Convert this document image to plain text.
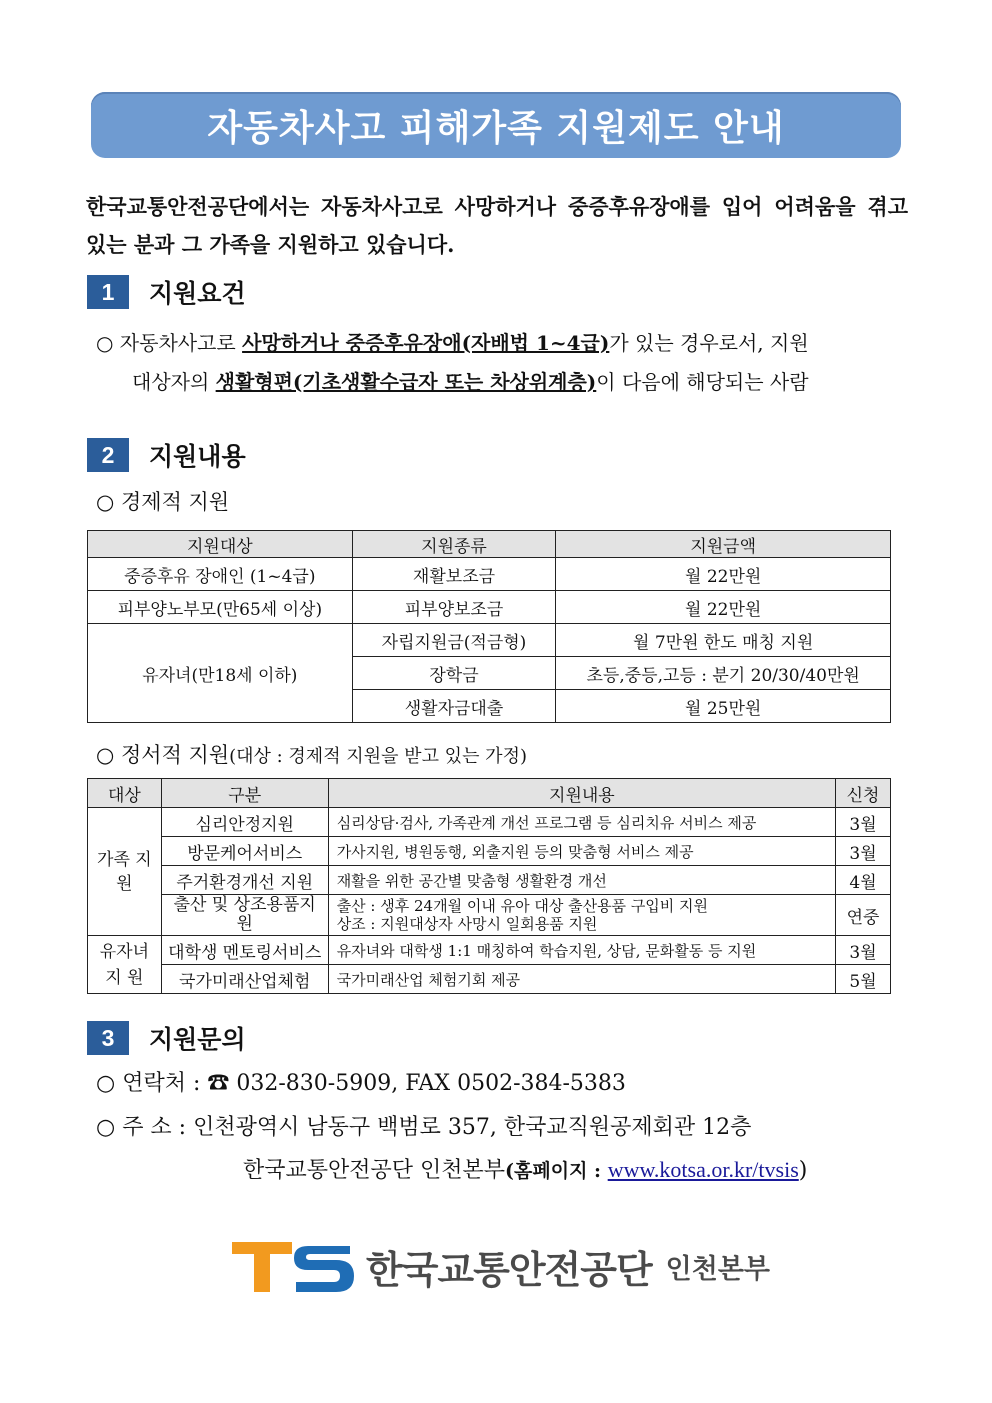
자동차사고 피해가족 지원제도 안내
한국교통안전공단에서는 자동차사고로 사망하거나 중증후유장애를 입어 어려움을 겪고 있는 분과 그 가족을 지원하고 있습니다.
1	지원요건
○ 자동차사고로 사망하거나 중증후유장애(자배법 1~4급)가 있는 경우로서, 지원
대상자의 생활형편(기초생활수급자 또는 차상위계층)이 다음에 해당되는 사람
2	지원내용
○ 경제적 지원
지원대상	지원종류	지원금액
중증후유 장애인 (1~4급)	재활보조금	월 22만원
피부양노부모(만65세 이상)	피부양보조금	월 22만원
유자녀(만18세 이하)	자립지원금(적금형)	월 7만원 한도 매칭 지원
	장학금	초등,중등,고등 : 분기 20/30/40만원
	생활자금대출	월 25만원
○ 정서적 지원(대상 : 경제적 지원을 받고 있는 가정)
대상	구분	지원내용	신청
가족 지원	심리안정지원	심리상담·검사, 가족관계 개선 프로그램 등 심리치유 서비스 제공	3월
	방문케어서비스	가사지원, 병원동행, 외출지원 등의 맞춤형 서비스 제공	3월
	주거환경개선 지원	재활을 위한 공간별 맞춤형 생활환경 개선	4월
	출산 및 상조용품지원	출산 : 생후 24개월 이내 유아 대상 출산용품 구입비 지원
상조 : 지원대상자 사망시 일회용품 지원	연중
유자녀 지 원	대학생 멘토링서비스	유자녀와 대학생 1:1 매칭하여 학습지원, 상담, 문화활동 등 지원	3월
	국가미래산업체험	국가미래산업 체험기회 제공	5월
3	지원문의
○ 연락처 : ☎ 032-830-5909, FAX 0502-384-5383
○ 주 소 : 인천광역시 남동구 백범로 357, 한국교직원공제회관 12층
한국교통안전공단 인천본부(홈페이지 : www.kotsa.or.kr/tvsis)
한국교통안전공단 인천본부
